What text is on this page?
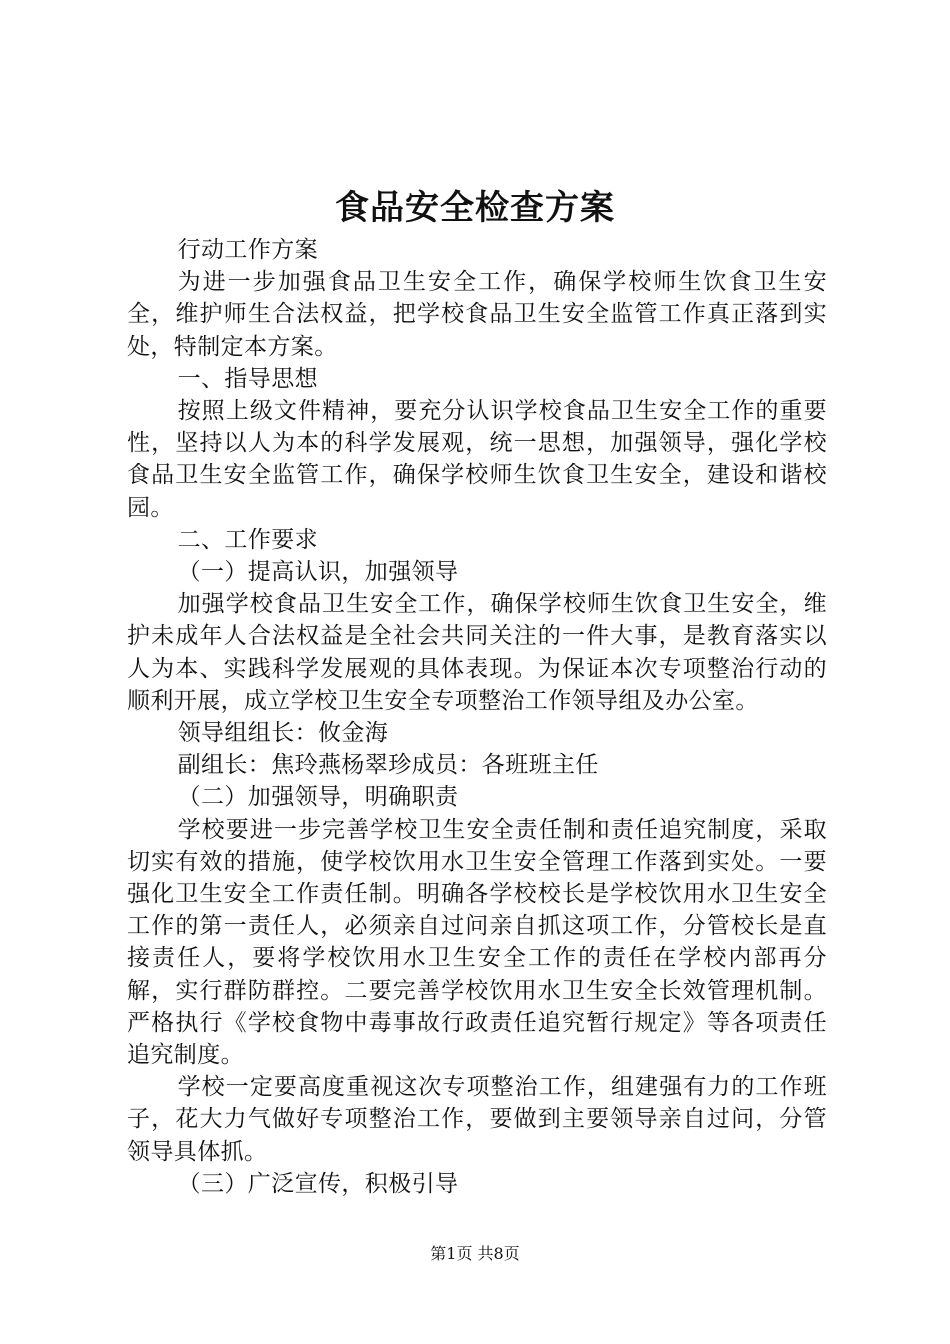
食品安全检查方案

行动工作方案

为进一步加强食品卫生安全工作，确保学校师生饮食卫生安全，维护师生合法权益，把学校食品卫生安全监管工作真正落到实处，特制定本方案。

一、指导思想

按照上级文件精神，要充分认识学校食品卫生安全工作的重要性，坚持以人为本的科学发展观，统一思想，加强领导，强化学校食品卫生安全监管工作，确保学校师生饮食卫生安全，建设和谐校园。

二、工作要求

（一）提高认识，加强领导

加强学校食品卫生安全工作，确保学校师生饮食卫生安全，维护未成年人合法权益是全社会共同关注的一件大事，是教育落实以人为本、实践科学发展观的具体表现。为保证本次专项整治行动的顺利开展，成立学校卫生安全专项整治工作领导组及办公室。

领导组组长：攸金海

副组长：焦玲燕杨翠珍成员：各班班主任

（二）加强领导，明确职责

学校要进一步完善学校卫生安全责任制和责任追究制度，采取切实有效的措施，使学校饮用水卫生安全管理工作落到实处。一要强化卫生安全工作责任制。明确各学校校长是学校饮用水卫生安全工作的第一责任人，必须亲自过问亲自抓这项工作，分管校长是直接责任人，要将学校饮用水卫生安全工作的责任在学校内部再分解，实行群防群控。二要完善学校饮用水卫生安全长效管理机制。严格执行《学校食物中毒事故行政责任追究暂行规定》等各项责任追究制度。

学校一定要高度重视这次专项整治工作，组建强有力的工作班子，花大力气做好专项整治工作，要做到主要领导亲自过问，分管领导具体抓。

（三）广泛宣传，积极引导

第1页 共8页
